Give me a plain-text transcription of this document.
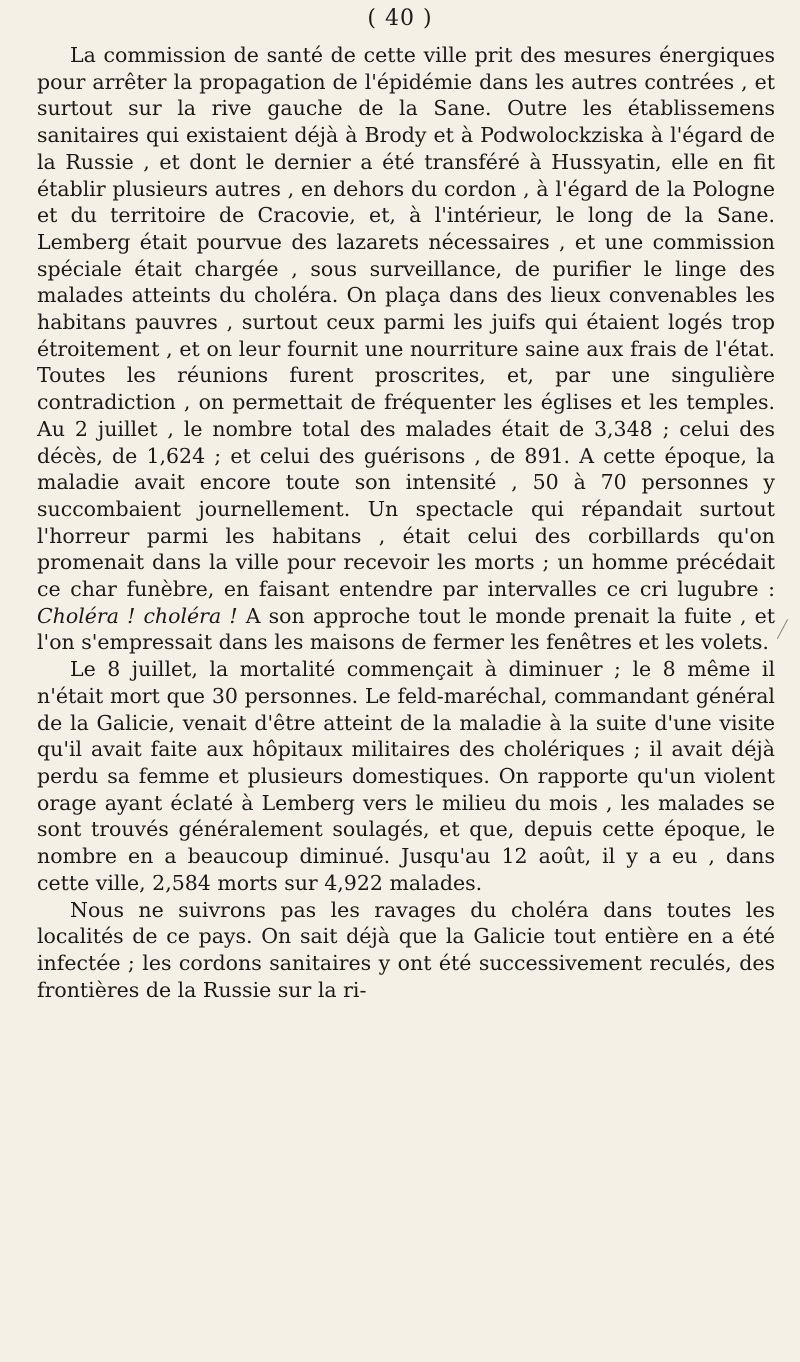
( 40 )

La commission de santé de cette ville prit des mesures énergiques pour arrêter la propagation de l'épidémie dans les autres contrées , et surtout sur la rive gauche de la Sane. Outre les établissemens sanitaires qui existaient déjà à Brody et à Podwolockziska à l'égard de la Russie , et dont le dernier a été transféré à Hussyatin, elle en fit établir plusieurs autres , en dehors du cordon , à l'égard de la Pologne et du territoire de Cracovie, et, à l'intérieur, le long de la Sane. Lemberg était pourvue des lazarets nécessaires , et une commission spéciale était chargée , sous surveillance, de purifier le linge des malades atteints du choléra. On plaça dans des lieux convenables les habitans pauvres , surtout ceux parmi les juifs qui étaient logés trop étroitement , et on leur fournit une nourriture saine aux frais de l'état. Toutes les réunions furent proscrites, et, par une singulière contradiction , on permettait de fréquenter les églises et les temples. Au 2 juillet , le nombre total des malades était de 3,348 ; celui des décès, de 1,624 ; et celui des guérisons , de 891. A cette époque, la maladie avait encore toute son intensité , 50 à 70 personnes y succombaient journellement. Un spectacle qui répandait surtout l'horreur parmi les habitans , était celui des corbillards qu'on promenait dans la ville pour recevoir les morts ; un homme précédait ce char funèbre, en faisant entendre par intervalles ce cri lugubre : Choléra ! choléra ! A son approche tout le monde prenait la fuite , et l'on s'empressait dans les maisons de fermer les fenêtres et les volets.

Le 8 juillet, la mortalité commençait à diminuer ; le 8 même il n'était mort que 30 personnes. Le feld-maréchal, commandant général de la Galicie, venait d'être atteint de la maladie à la suite d'une visite qu'il avait faite aux hôpitaux militaires des cholériques ; il avait déjà perdu sa femme et plusieurs domestiques. On rapporte qu'un violent orage ayant éclaté à Lemberg vers le milieu du mois , les malades se sont trouvés généralement soulagés, et que, depuis cette époque, le nombre en a beaucoup diminué. Jusqu'au 12 août, il y a eu , dans cette ville, 2,584 morts sur 4,922 malades.

Nous ne suivrons pas les ravages du choléra dans toutes les localités de ce pays. On sait déjà que la Galicie tout entière en a été infectée ; les cordons sanitaires y ont été successivement reculés, des frontières de la Russie sur la ri-
